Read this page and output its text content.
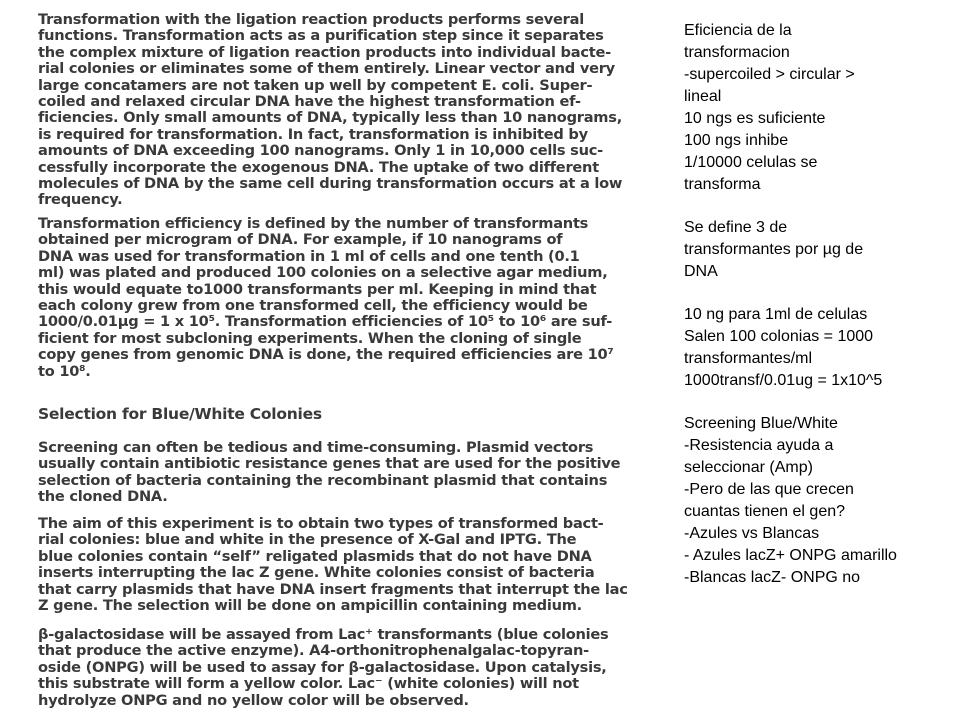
Transformation with the ligation reaction products performs several
functions. Transformation acts as a purification step since it separates
the complex mixture of ligation reaction products into individual bacte-
rial colonies or eliminates some of them entirely. Linear vector and very
large concatamers are not taken up well by competent E. coli. Super-
coiled and relaxed circular DNA have the highest transformation ef-
ficiencies. Only small amounts of DNA, typically less than 10 nanograms,
is required for transformation. In fact, transformation is inhibited by
amounts of DNA exceeding 100 nanograms. Only 1 in 10,000 cells suc-
cessfully incorporate the exogenous DNA. The uptake of two different
molecules of DNA by the same cell during transformation occurs at a low
frequency.
Transformation efficiency is defined by the number of transformants
obtained per microgram of DNA. For example, if 10 nanograms of
DNA was used for transformation in 1 ml of cells and one tenth (0.1
ml) was plated and produced 100 colonies on a selective agar medium,
this would equate to1000 transformants per ml. Keeping in mind that
each colony grew from one transformed cell, the efficiency would be
1000/0.01µg = 1 x 10⁵. Transformation efficiencies of 10⁵ to 10⁶ are suf-
ficient for most subcloning experiments. When the cloning of single
copy genes from genomic DNA is done, the required efficiencies are 10⁷
to 10⁸.
Selection for Blue/White Colonies
Screening can often be tedious and time-consuming. Plasmid vectors
usually contain antibiotic resistance genes that are used for the positive
selection of bacteria containing the recombinant plasmid that contains
the cloned DNA.
The aim of this experiment is to obtain two types of transformed bact-
rial colonies: blue and white in the presence of X-Gal and IPTG. The
blue colonies contain “self” religated plasmids that do not have DNA
inserts interrupting the lac Z gene. White colonies consist of bacteria
that carry plasmids that have DNA insert fragments that interrupt the lac
Z gene. The selection will be done on ampicillin containing medium.
β-galactosidase will be assayed from Lac⁺ transformants (blue colonies
that produce the active enzyme). A4-orthonitrophenalgalac-topyran-
oside (ONPG) will be used to assay for β-galactosidase. Upon catalysis,
this substrate will form a yellow color. Lac⁻ (white colonies) will not
hydrolyze ONPG and no yellow color will be observed.
Eficiencia de la
transformacion
-supercoiled > circular >
lineal
10 ngs es suficiente
100 ngs inhibe
1/10000 celulas se
transforma
Se define 3 de
transformantes por µg de
DNA
10 ng para 1ml de celulas
Salen 100 colonias = 1000
transformantes/ml
1000transf/0.01ug = 1x10^5
Screening Blue/White
-Resistencia ayuda a
seleccionar (Amp)
-Pero de las que crecen
cuantas tienen el gen?
-Azules vs Blancas
- Azules lacZ+ ONPG amarillo
-Blancas lacZ- ONPG no
